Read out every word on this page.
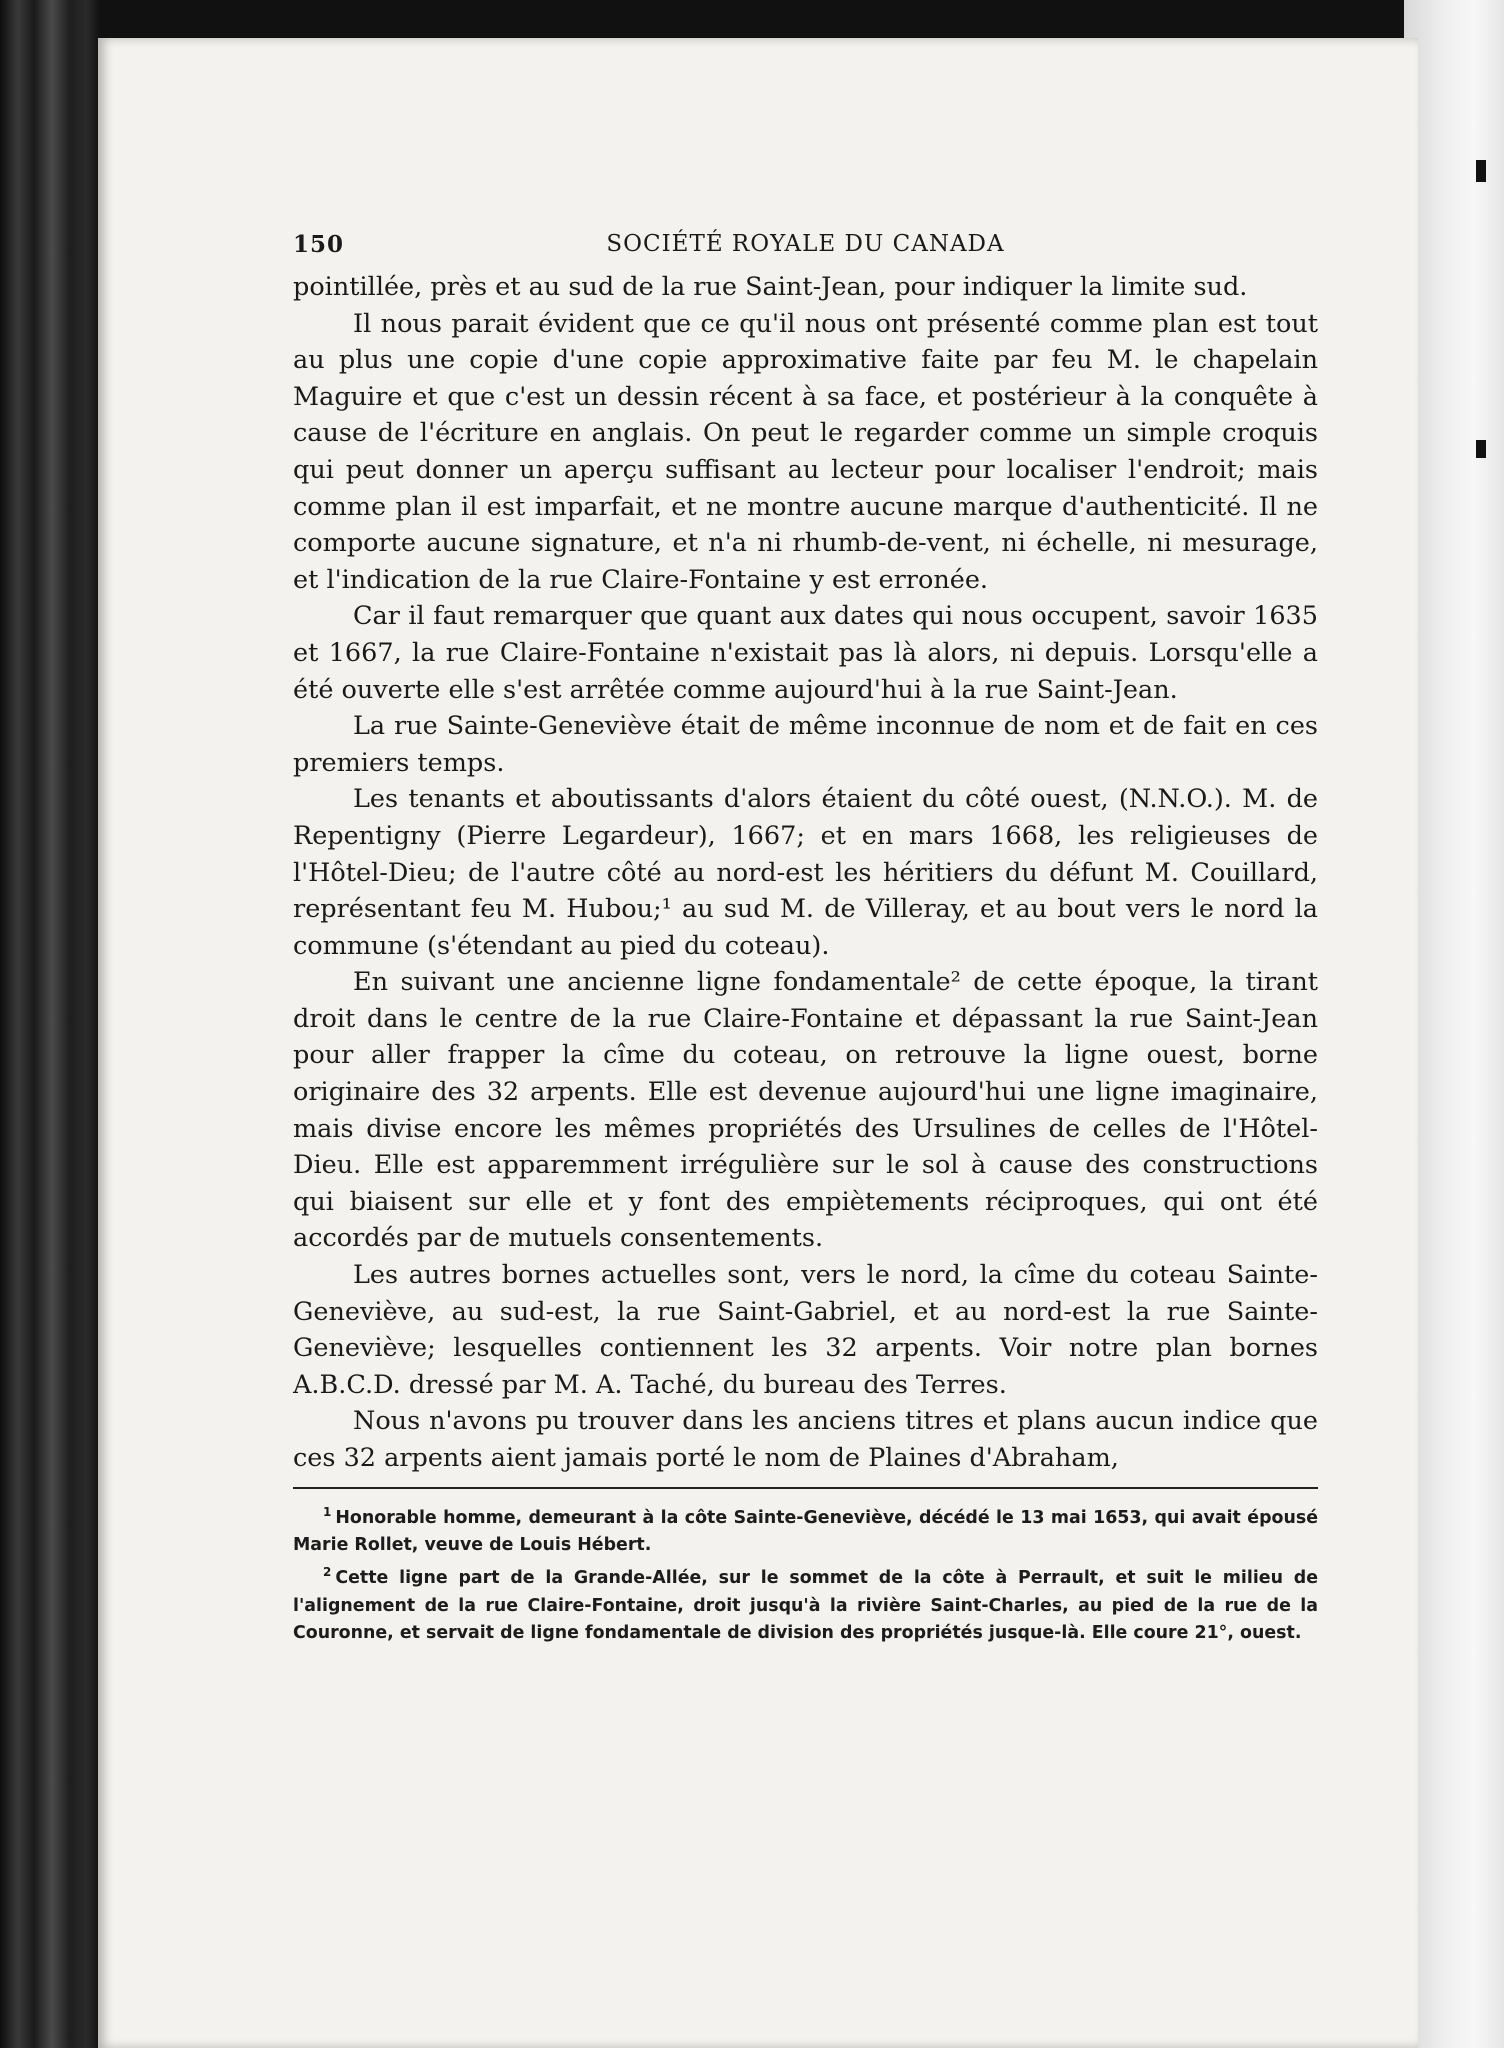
150	SOCIÉTÉ ROYALE DU CANADA

pointillée, près et au sud de la rue Saint-Jean, pour indiquer la limite sud.

Il nous parait évident que ce qu'il nous ont présenté comme plan est tout au plus une copie d'une copie approximative faite par feu M. le chapelain Maguire et que c'est un dessin récent à sa face, et postérieur à la conquête à cause de l'écriture en anglais. On peut le regarder comme un simple croquis qui peut donner un aperçu suffisant au lecteur pour localiser l'endroit; mais comme plan il est imparfait, et ne montre aucune marque d'authenticité. Il ne comporte aucune signature, et n'a ni rhumb-de-vent, ni échelle, ni mesurage, et l'indication de la rue Claire-Fontaine y est erronée.

Car il faut remarquer que quant aux dates qui nous occupent, savoir 1635 et 1667, la rue Claire-Fontaine n'existait pas là alors, ni depuis. Lorsqu'elle a été ouverte elle s'est arrêtée comme aujourd'hui à la rue Saint-Jean.

La rue Sainte-Geneviève était de même inconnue de nom et de fait en ces premiers temps.

Les tenants et aboutissants d'alors étaient du côté ouest, (N.N.O.). M. de Repentigny (Pierre Legardeur), 1667; et en mars 1668, les religieuses de l'Hôtel-Dieu; de l'autre côté au nord-est les héritiers du défunt M. Couillard, représentant feu M. Hubou;¹ au sud M. de Villeray, et au bout vers le nord la commune (s'étendant au pied du coteau).

En suivant une ancienne ligne fondamentale² de cette époque, la tirant droit dans le centre de la rue Claire-Fontaine et dépassant la rue Saint-Jean pour aller frapper la cîme du coteau, on retrouve la ligne ouest, borne originaire des 32 arpents. Elle est devenue aujourd'hui une ligne imaginaire, mais divise encore les mêmes propriétés des Ursulines de celles de l'Hôtel-Dieu. Elle est apparemment irrégulière sur le sol à cause des constructions qui biaisent sur elle et y font des empiètements réciproques, qui ont été accordés par de mutuels consentements.

Les autres bornes actuelles sont, vers le nord, la cîme du coteau Sainte-Geneviève, au sud-est, la rue Saint-Gabriel, et au nord-est la rue Sainte-Geneviève; lesquelles contiennent les 32 arpents. Voir notre plan bornes A.B.C.D. dressé par M. A. Taché, du bureau des Terres.

Nous n'avons pu trouver dans les anciens titres et plans aucun indice que ces 32 arpents aient jamais porté le nom de Plaines d'Abraham,

$^1$ Honorable homme, demeurant à la côte Sainte-Geneviève, décédé le 13 mai 1653, qui avait épousé Marie Rollet, veuve de Louis Hébert.

$^2$ Cette ligne part de la Grande-Allée, sur le sommet de la côte à Perrault, et suit le milieu de l'alignement de la rue Claire-Fontaine, droit jusqu'à la rivière Saint-Charles, au pied de la rue de la Couronne, et servait de ligne fondamentale de division des propriétés jusque-là. Elle coure 21°, ouest.
